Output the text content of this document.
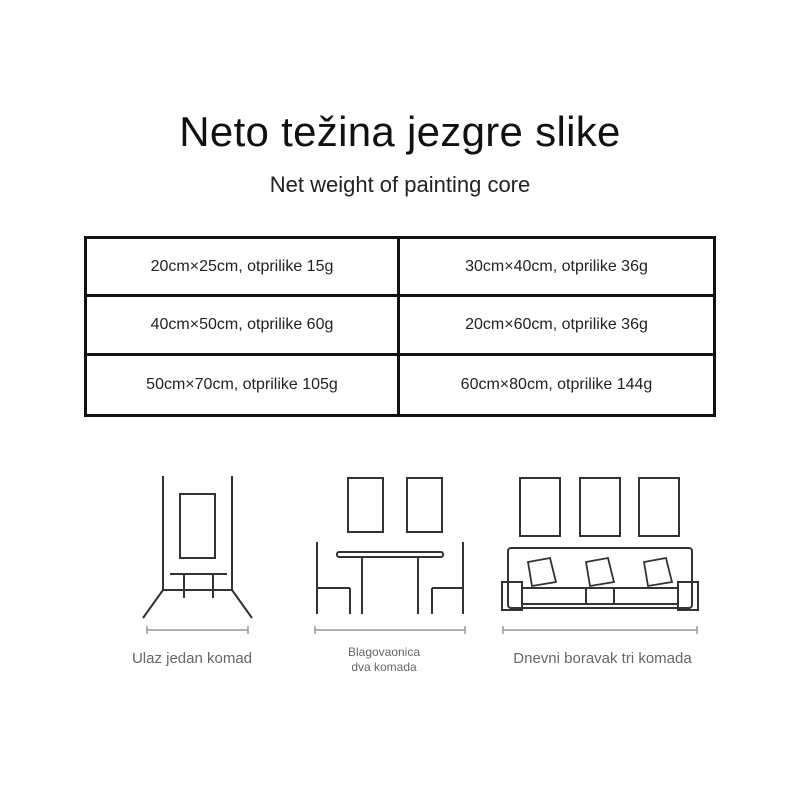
Neto težina jezgre slike
Net weight of painting core
20cm×25cm, otprilike 15g	30cm×40cm, otprilike 36g
40cm×50cm, otprilike 60g	20cm×60cm, otprilike 36g
50cm×70cm, otprilike 105g	60cm×80cm, otprilike 144g
Ulaz jedan komad	Blagovaonica
dva komada	Dnevni boravak tri komada
